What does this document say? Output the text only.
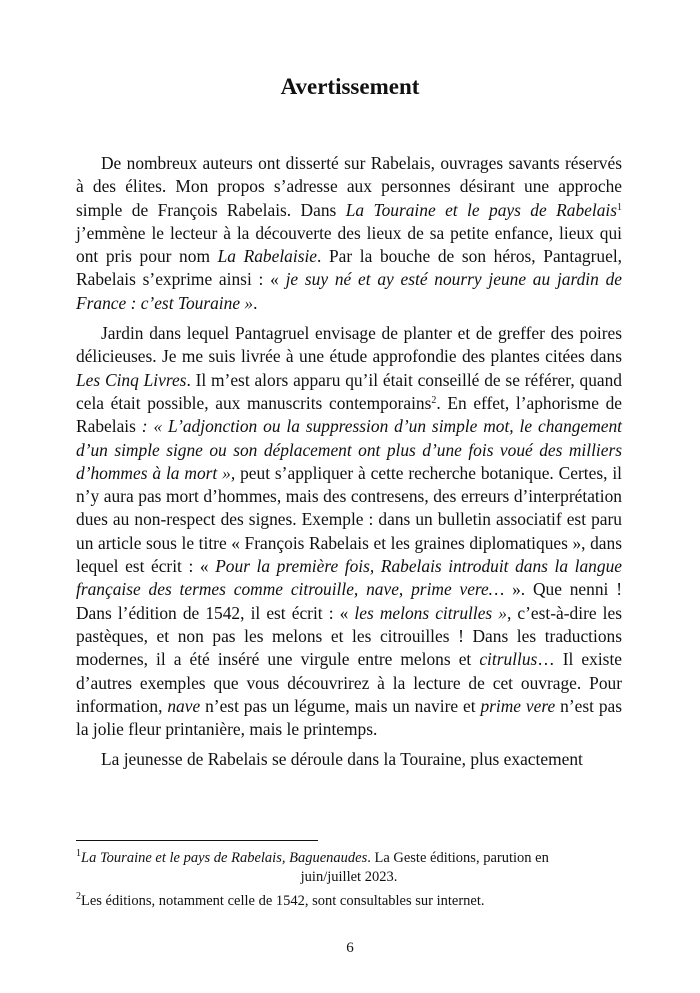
Avertissement

De nombreux auteurs ont disserté sur Rabelais, ouvrages savants réservés à des élites. Mon propos s’adresse aux personnes désirant une approche simple de François Rabelais. Dans La Touraine et le pays de Rabelais$^1$ j’emmène le lecteur à la découverte des lieux de sa petite enfance, lieux qui ont pris pour nom La Rabelaisie. Par la bouche de son héros, Pantagruel, Rabelais s’exprime ainsi : « je suy né et ay esté nourry jeune au jardin de France : c’est Touraine ».

Jardin dans lequel Pantagruel envisage de planter et de greffer des poires délicieuses. Je me suis livrée à une étude approfondie des plantes citées dans Les Cinq Livres. Il m’est alors apparu qu’il était conseillé de se référer, quand cela était possible, aux manuscrits contemporains$^2$. En effet, l’aphorisme de Rabelais : « L’adjonction ou la suppression d’un simple mot, le changement d’un simple signe ou son déplacement ont plus d’une fois voué des milliers d’hommes à la mort », peut s’appliquer à cette recherche botanique. Certes, il n’y aura pas mort d’hommes, mais des contresens, des erreurs d’interprétation dues au non-respect des signes. Exemple : dans un bulletin associatif est paru un article sous le titre « François Rabelais et les graines diplomatiques », dans lequel est écrit : « Pour la première fois, Rabelais introduit dans la langue française des termes comme citrouille, nave, prime vere… ». Que nenni ! Dans l’édition de 1542, il est écrit : « les melons citrulles », c’est-à-dire les pastèques, et non pas les melons et les citrouilles ! Dans les traductions modernes, il a été inséré une virgule entre melons et citrullus… Il existe d’autres exemples que vous découvrirez à la lecture de cet ouvrage. Pour information, nave n’est pas un légume, mais un navire et prime vere n’est pas la jolie fleur printanière, mais le printemps.

La jeunesse de Rabelais se déroule dans la Touraine, plus exactement

$^1$La Touraine et le pays de Rabelais, Baguenaudes. La Geste éditions, parution en
juin/juillet 2023.
$^2$Les éditions, notamment celle de 1542, sont consultables sur internet.
6
